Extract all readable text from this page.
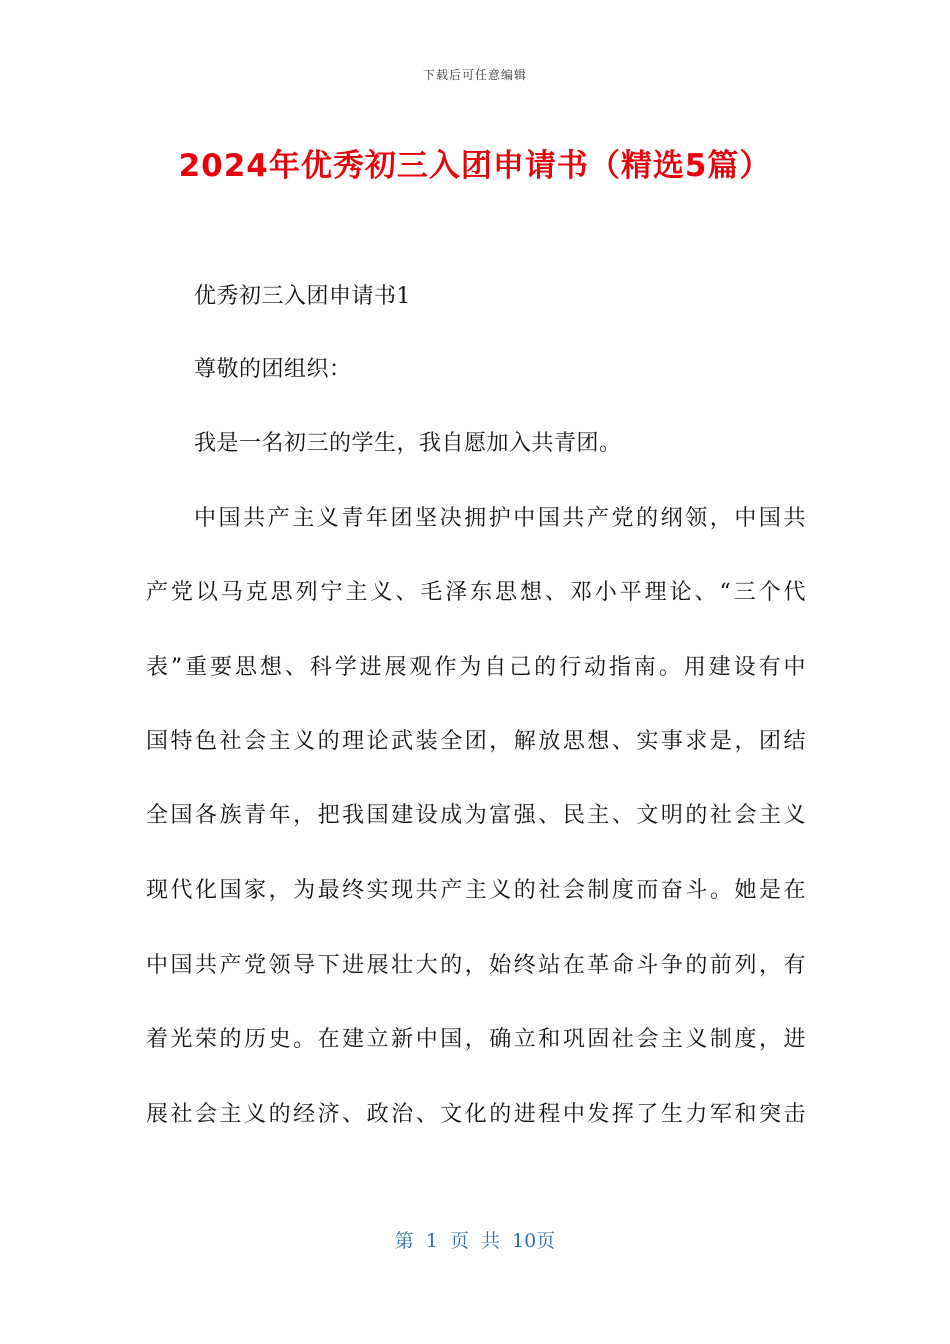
下载后可任意编辑
2024年优秀初三入团申请书（精选5篇）
优秀初三入团申请书1
尊敬的团组织：
我是一名初三的学生，我自愿加入共青团。
中国共产主义青年团坚决拥护中国共产党的纲领，中国共
产党以马克思列宁主义、毛泽东思想、邓小平理论、“三个代
表”重要思想、科学进展观作为自己的行动指南。用建设有中
国特色社会主义的理论武装全团，解放思想、实事求是，团结
全国各族青年，把我国建设成为富强、民主、文明的社会主义
现代化国家，为最终实现共产主义的社会制度而奋斗。她是在
中国共产党领导下进展壮大的，始终站在革命斗争的前列，有
着光荣的历史。在建立新中国，确立和巩固社会主义制度，进
展社会主义的经济、政治、文化的进程中发挥了生力军和突击
第 1 页 共 10页
